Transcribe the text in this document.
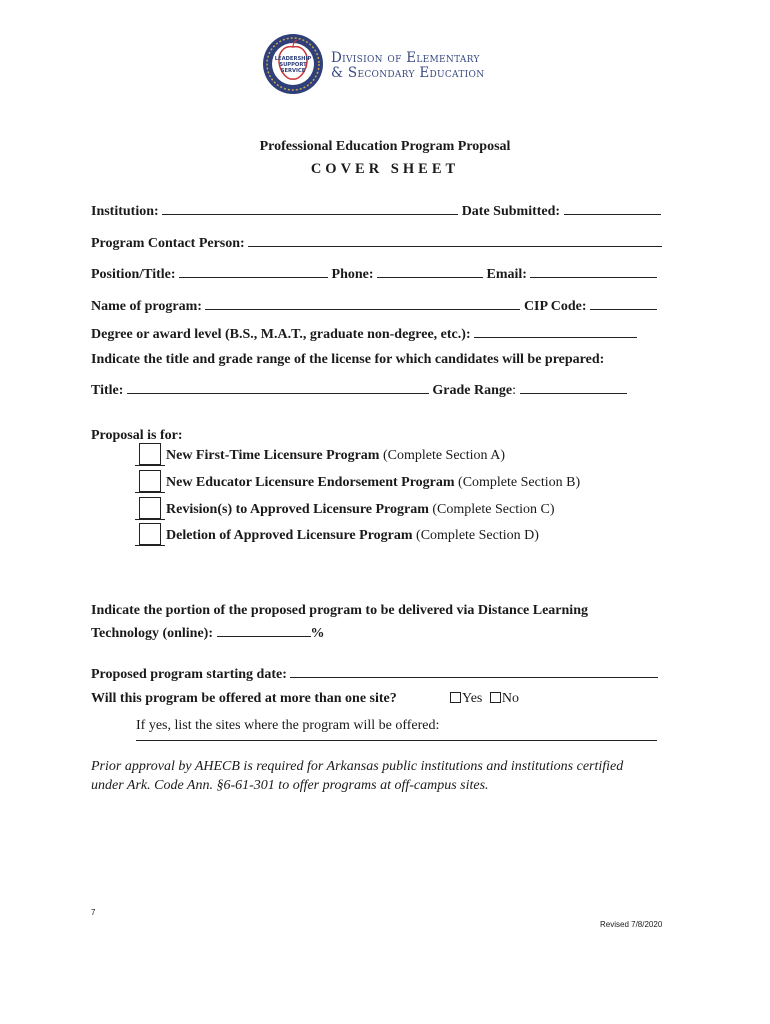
LEADERSHIP
SUPPORT
SERVICE
Division of Elementary
& Secondary Education
Professional Education Program Proposal
COVER SHEET
Institution:	Date Submitted:
Program Contact Person:
Position/Title:	Phone:	Email:
Name of program:	CIP Code:
Degree or award level (B.S., M.A.T., graduate non-degree, etc.):
Indicate the title and grade range of the license for which candidates will be prepared:
Title:	Grade Range:
Proposal is for:
New First-Time Licensure Program (Complete Section A)
New Educator Licensure Endorsement Program (Complete Section B)
Revision(s) to Approved Licensure Program (Complete Section C)
Deletion of Approved Licensure Program (Complete Section D)
Indicate the portion of the proposed program to be delivered via Distance Learning
Technology (online):	%
Proposed program starting date:
Will this program be offered at more than one site?	Yes No
If yes, list the sites where the program will be offered:
Prior approval by AHECB is required for Arkansas public institutions and institutions certified
under Ark. Code Ann. §6-61-301 to offer programs at off-campus sites.
7
Revised 7/8/2020
